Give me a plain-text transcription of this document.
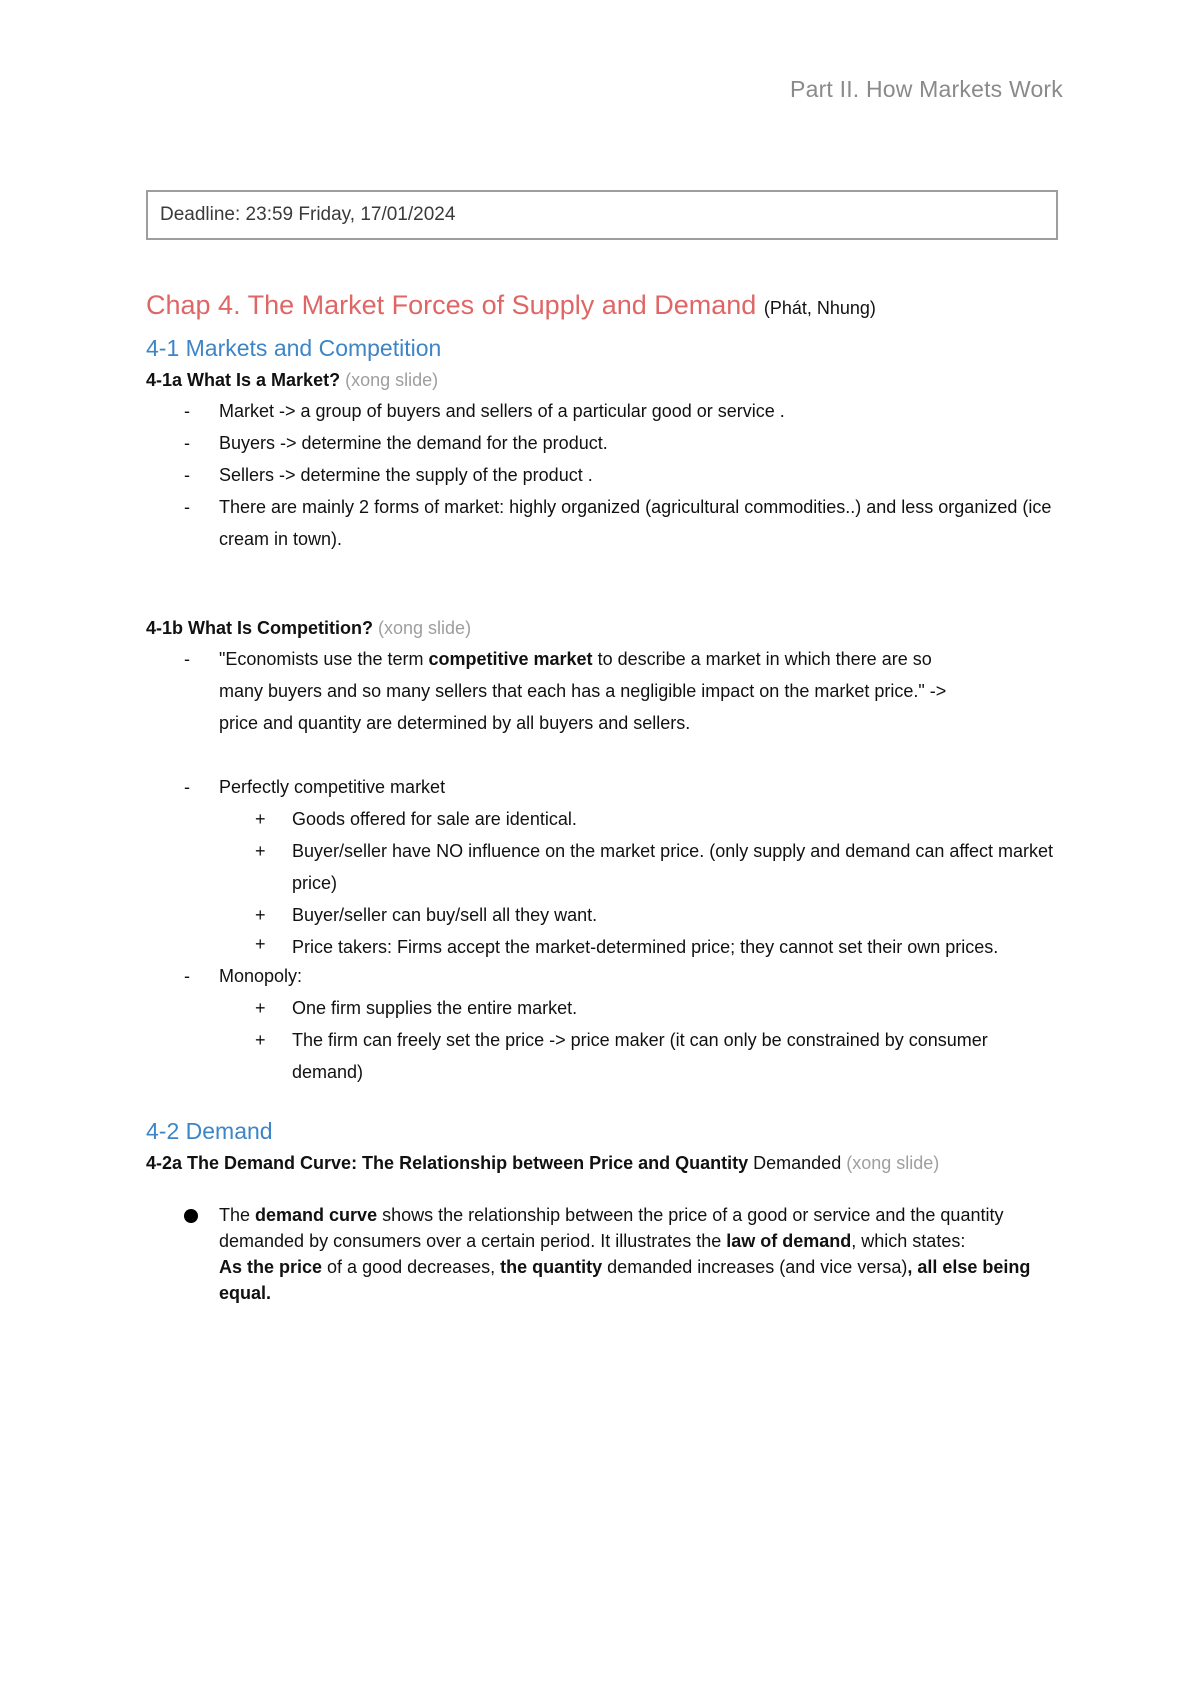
Part II. How Markets Work
Deadline: 23:59 Friday, 17/01/2024
Chap 4. The Market Forces of Supply and Demand (Phát, Nhung)
4-1 Markets and Competition

4-1a What Is a Market? (xong slide)

- Market -> a group of buyers and sellers of a particular good or service .
- Buyers -> determine the demand for the product.
- Sellers -> determine the supply of the product .
- There are mainly 2 forms of market: highly organized (agricultural commodities..) and less organized (ice cream in town).

4-1b What Is Competition? (xong slide)

- "Economists use the term competitive market to describe a market in which there are so many buyers and so many sellers that each has a negligible impact on the market price." -> price and quantity are determined by all buyers and sellers.
- Perfectly competitive market
+ Goods offered for sale are identical.
+ Buyer/seller have NO influence on the market price. (only supply and demand can affect market price)
+ Buyer/seller can buy/sell all they want.
+ Price takers: Firms accept the market-determined price; they cannot set their own prices.
- Monopoly:
+ One firm supplies the entire market.
+ The firm can freely set the price -> price maker (it can only be constrained by consumer demand)
4-2 Demand

4-2a The Demand Curve: The Relationship between Price and Quantity Demanded (xong slide)

The demand curve shows the relationship between the price of a good or service and the quantity demanded by consumers over a certain period. It illustrates the law of demand, which states:
As the price of a good decreases, the quantity demanded increases (and vice versa), all else being equal.
